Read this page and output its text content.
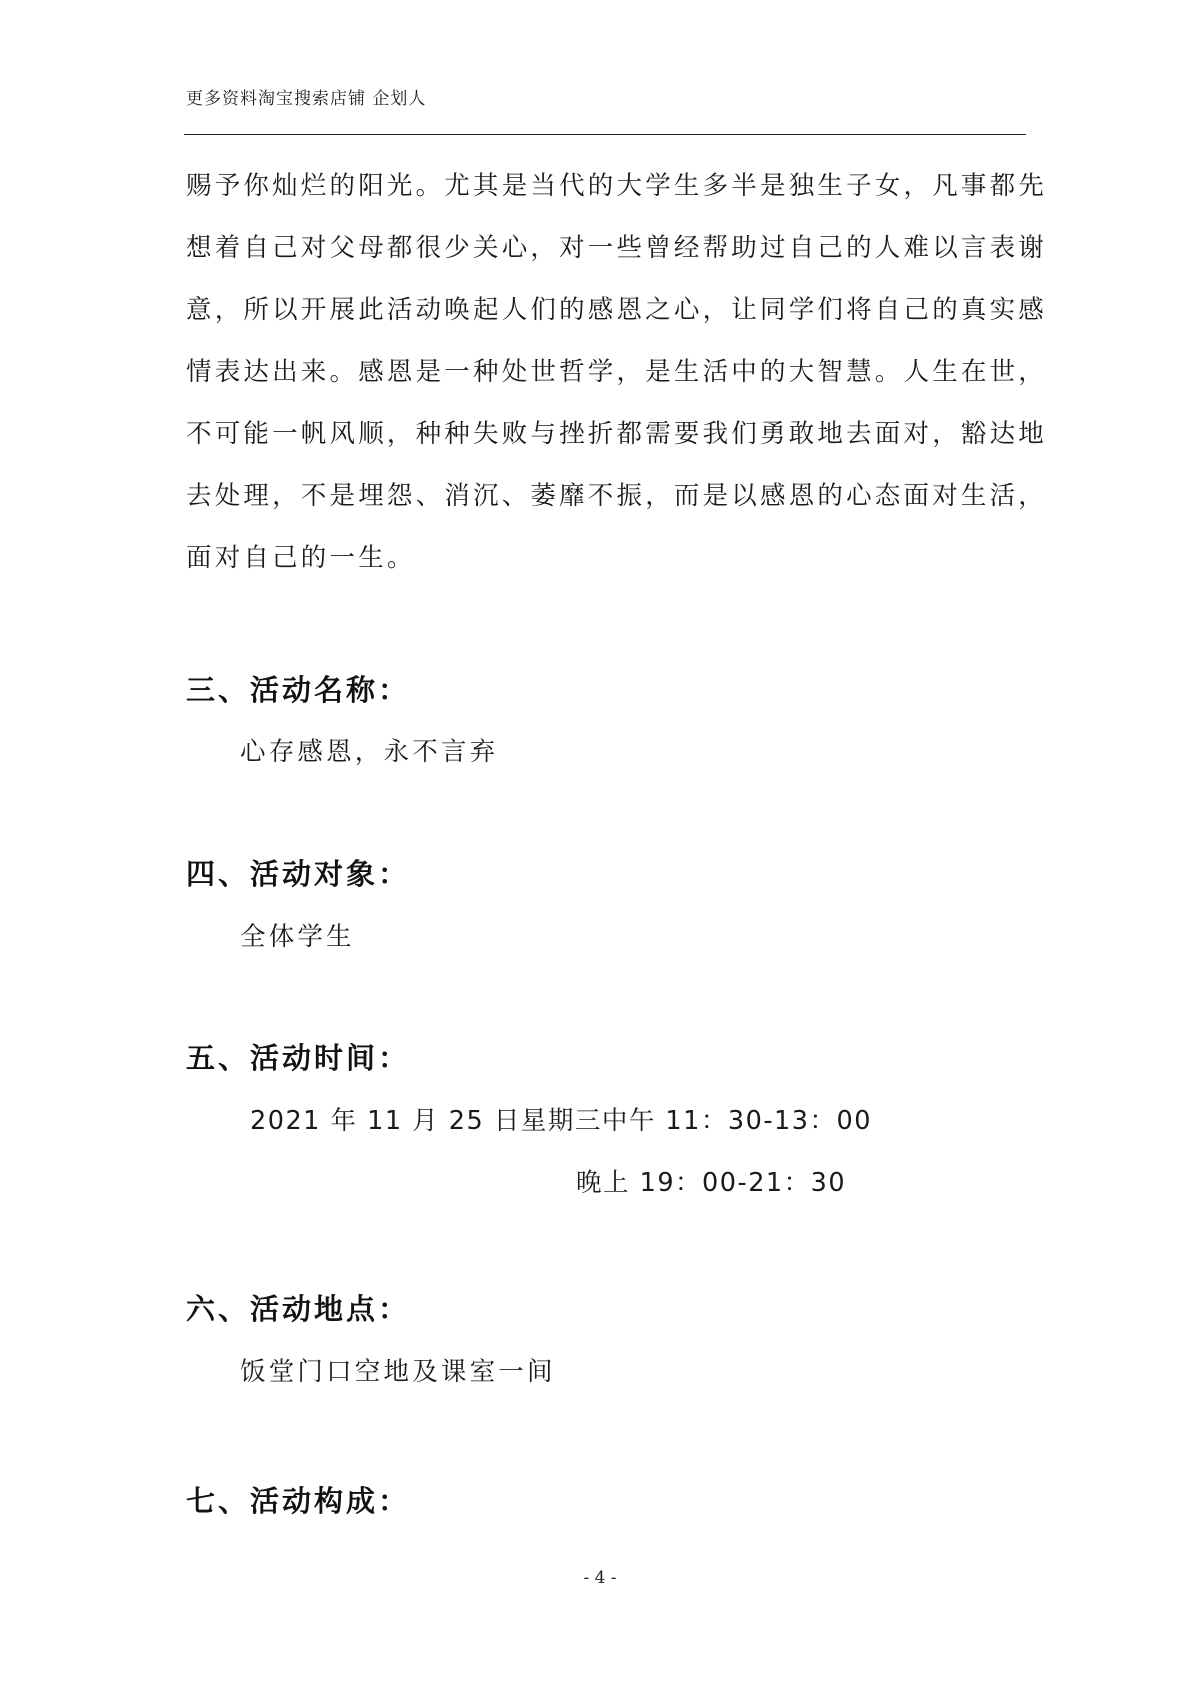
更多资料淘宝搜索店铺 企划人
赐予你灿烂的阳光。尤其是当代的大学生多半是独生子女，凡事都先
想着自己对父母都很少关心，对一些曾经帮助过自己的人难以言表谢
意，所以开展此活动唤起人们的感恩之心，让同学们将自己的真实感
情表达出来。感恩是一种处世哲学，是生活中的大智慧。人生在世，
不可能一帆风顺，种种失败与挫折都需要我们勇敢地去面对，豁达地
去处理，不是埋怨、消沉、萎靡不振，而是以感恩的心态面对生活，
面对自己的一生。
三、活动名称：
心存感恩，永不言弃
四、活动对象：
全体学生
五、活动时间：
2021 年 11 月 25 日星期三中午 11：30-13：00
晚上 19：00-21：30
六、活动地点：
饭堂门口空地及课室一间
七、活动构成：
- 4 -
